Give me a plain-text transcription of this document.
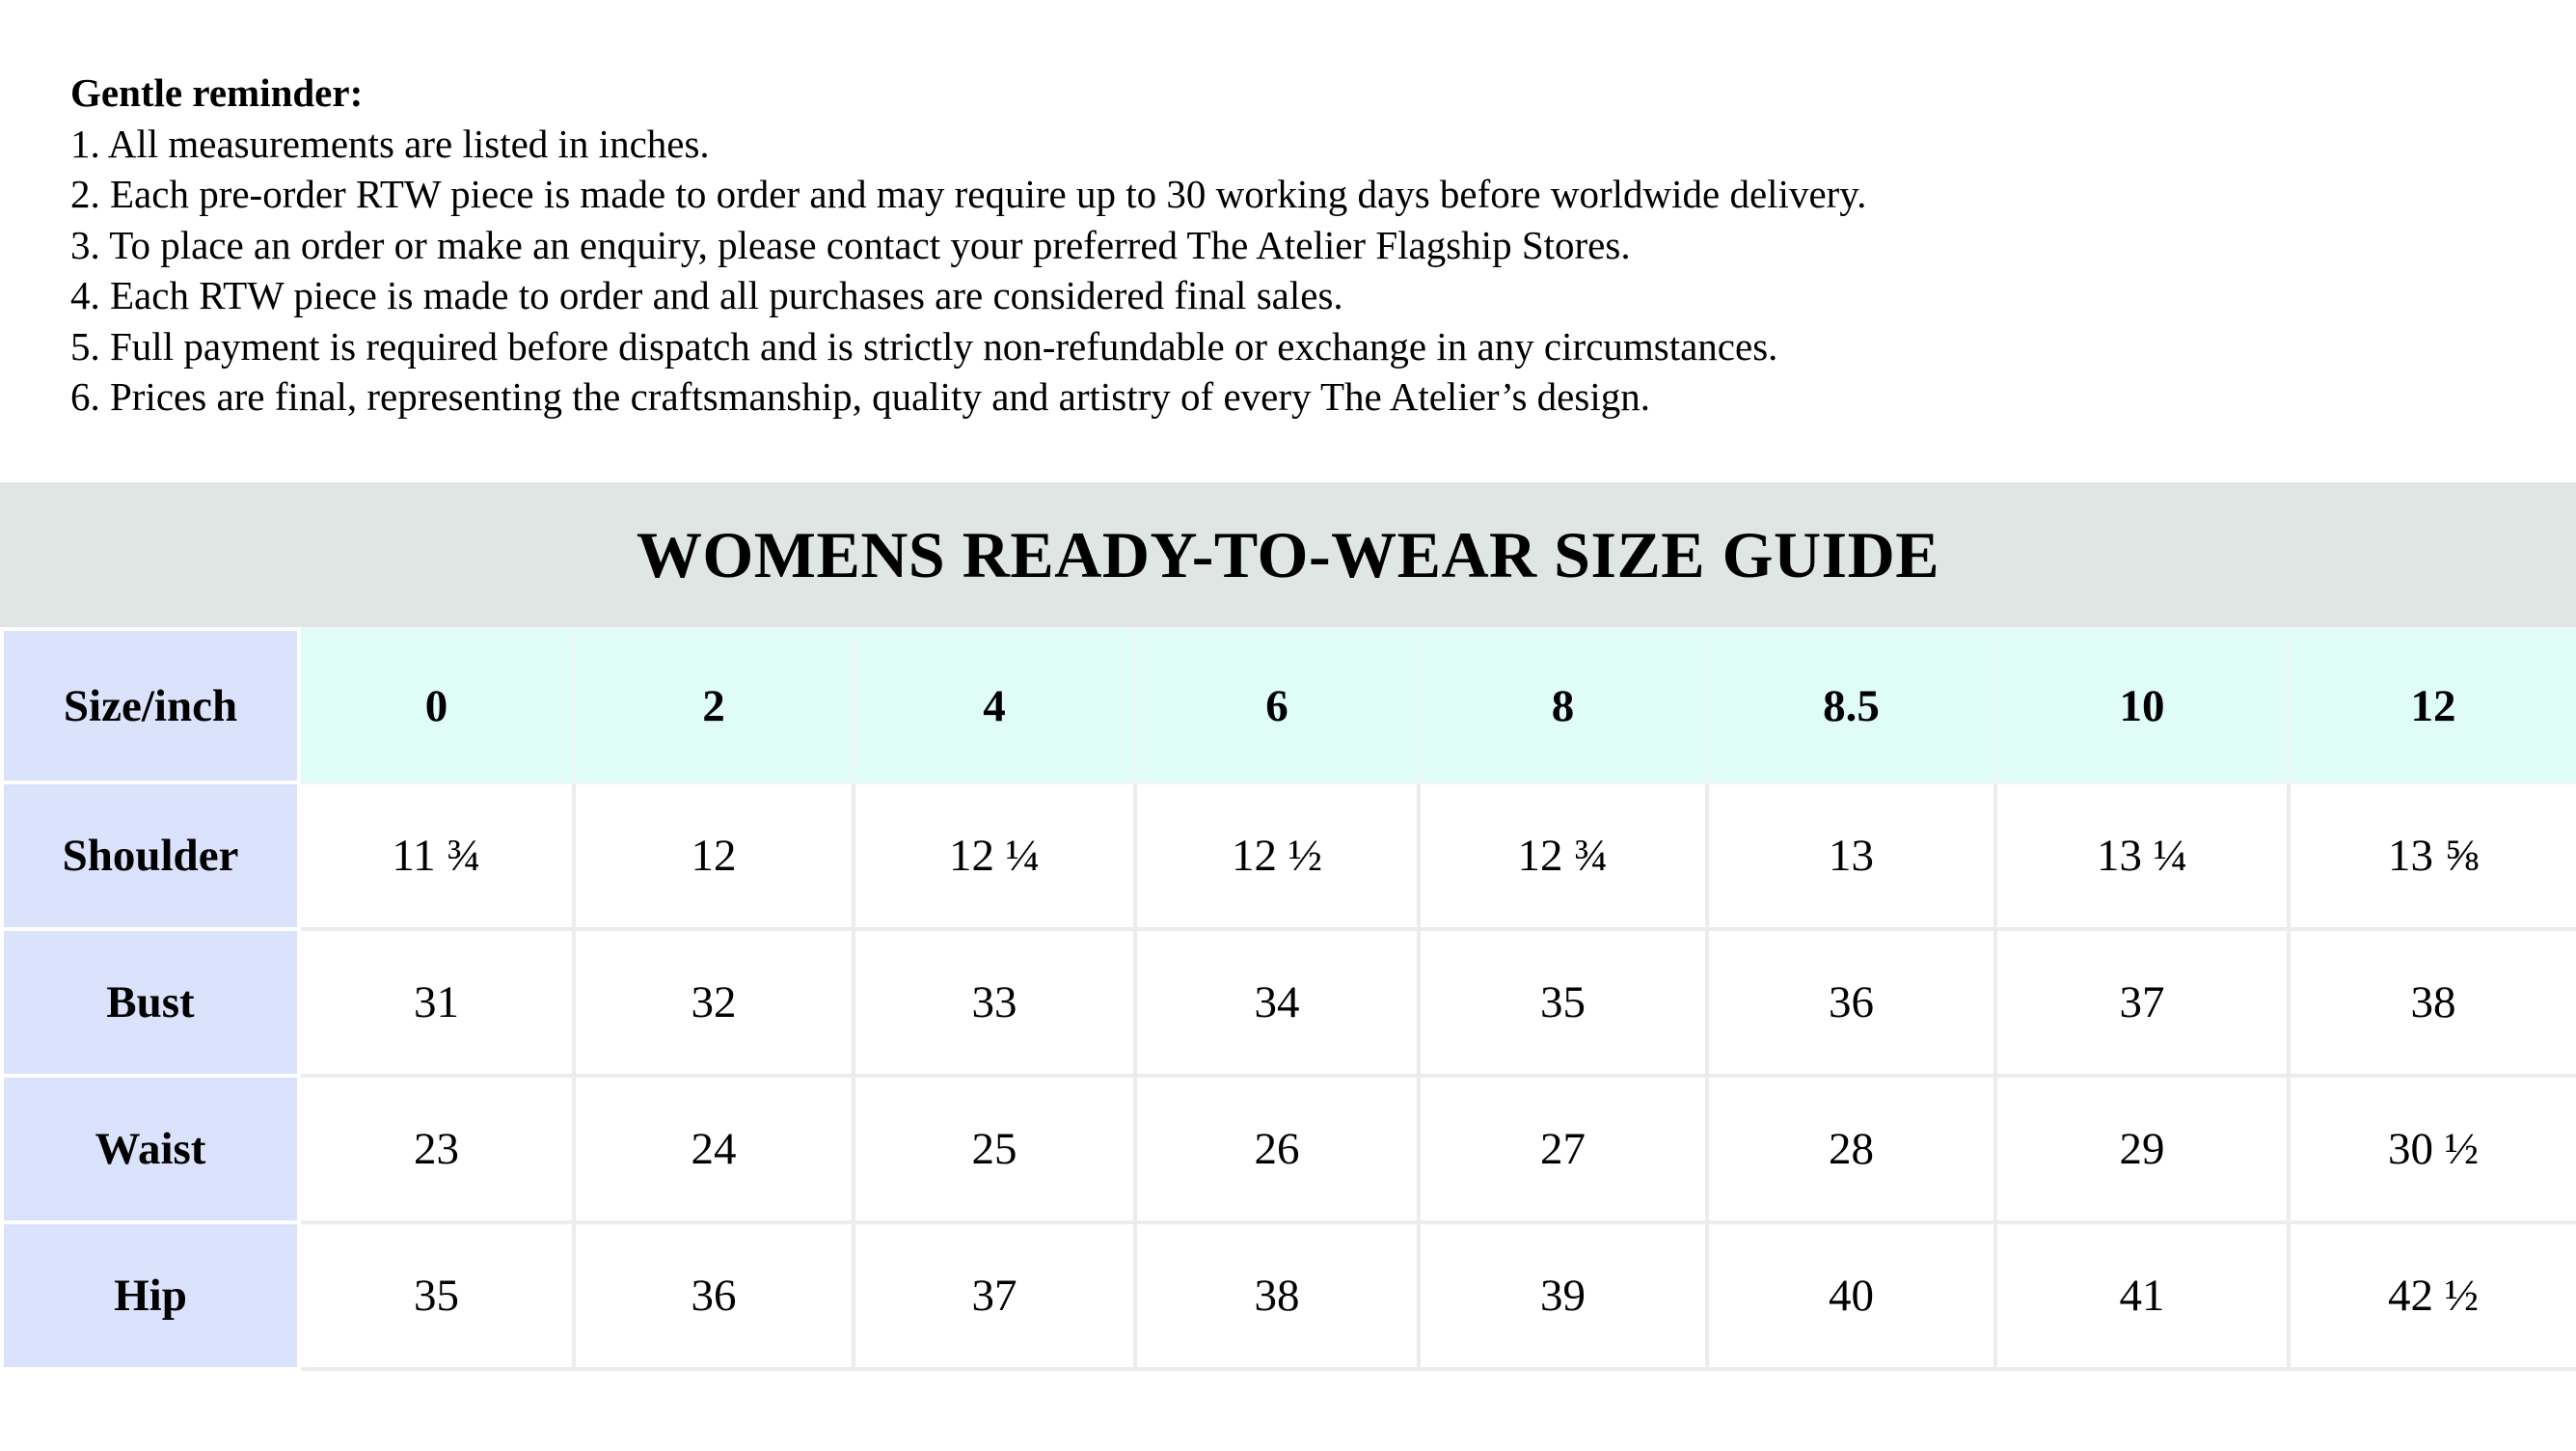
Gentle reminder:
1. All measurements are listed in inches.
2. Each pre-order RTW piece is made to order and may require up to 30 working days before worldwide delivery.
3. To place an order or make an enquiry, please contact your preferred The Atelier Flagship Stores.
4. Each RTW piece is made to order and all purchases are considered final sales.
5. Full payment is required before dispatch and is strictly non-refundable or exchange in any circumstances.
6. Prices are final, representing the craftsmanship, quality and artistry of every The Atelier’s design.
WOMENS READY-TO-WEAR SIZE GUIDE
Size/inch	0	2	4	6	8	8.5	10	12
Shoulder	11 ¾	12	12 ¼	12 ½	12 ¾	13	13 ¼	13 ⅝
Bust	31	32	33	34	35	36	37	38
Waist	23	24	25	26	27	28	29	30 ½
Hip	35	36	37	38	39	40	41	42 ½
